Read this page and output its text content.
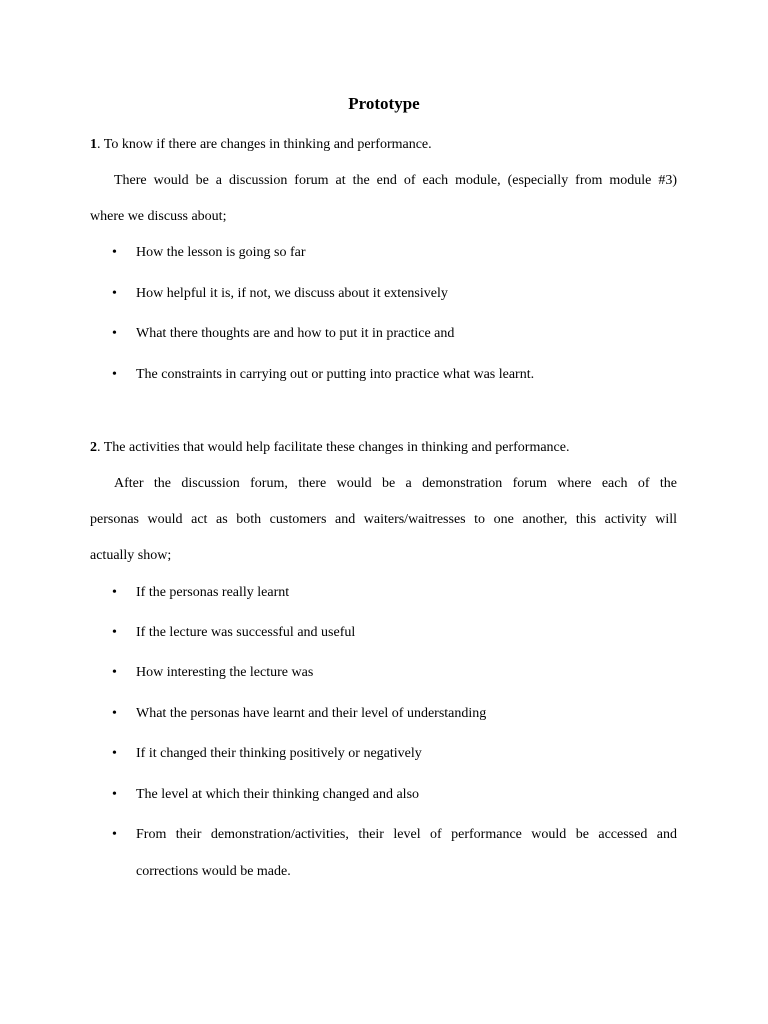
Prototype
1. To know if there are changes in thinking and performance.
There would be a discussion forum at the end of each module, (especially from module #3)
where we discuss about;
• How the lesson is going so far
• How helpful it is, if not, we discuss about it extensively
• What there thoughts are and how to put it in practice and
• The constraints in carrying out or putting into practice what was learnt.
2. The activities that would help facilitate these changes in thinking and performance.
After the discussion forum, there would be a demonstration forum where each of the
personas would act as both customers and waiters/waitresses to one another, this activity will
actually show;
• If the personas really learnt
• If the lecture was successful and useful
• How interesting the lecture was
• What the personas have learnt and their level of understanding
• If it changed their thinking positively or negatively
• The level at which their thinking changed and also
• From their demonstration/activities, their level of performance would be accessed and
corrections would be made.
